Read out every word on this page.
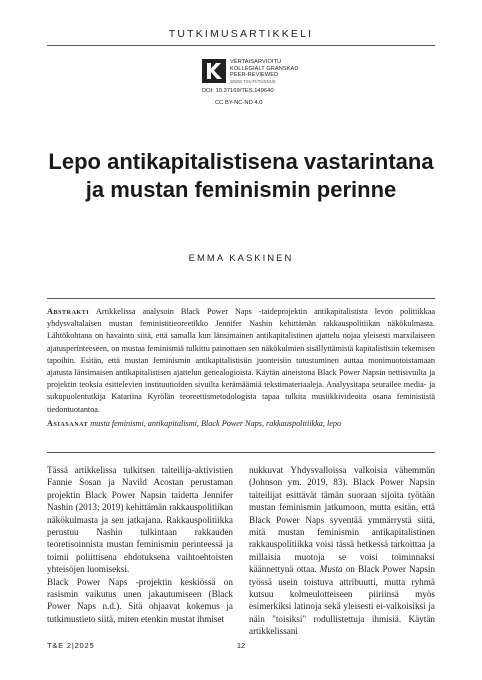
TUTKIMUSARTIKKELI
VERTAISARVIOITU
KOLLEGIALT GRANSKAD
PEER-REVIEWED
WWW.TSV.FI/TUNNUS
DOI: 10.37169/TES.149640
CC BY-NC-ND 4.0
Lepo antikapitalistisena vastarintana ja mustan feminismin perinne
EMMA KASKINEN
Abstrakti Artikkelissa analysoin Black Power Naps -taideprojektin antikapitalistista levon politiikkaa yhdysvaltalaisen mustan feministitieoreetikko Jennifer Nashin kehittämän rakkauspolitiikan näkökulmasta. Lähtökohtana on havainto siitä, että samalla kun länsimainen antikapitalistinen ajattelu nojaa yleisesti marxilaiseen ajatusperinteeseen, on mustaa feminismiä tulkittu painottaen sen näkökulmien sisällyttämistä kapitalistisiin tekemisen tapoihin. Esitän, että mustan feminismin antikapitalistisiin juonteisiin tutustuminen auttaa monimuotoistamaan ajatusta länsimaisen antikapitalistisen ajattelun genealogioista. Käytän aineistona Black Power Napsin nettisivuilta ja projektin teoksia esittelevien instituutioiden sivuilta kerämäämiä tekstimateriaaleja. Analyysitapa seurailee media- ja sukupuolentutkija Katariina Kyrölän teoreettismetodologista tapaa tulkita musiikkivideoita osana feminististä tiedontuotantoa.
Asiasanat musta feminismi, antikapitalismi, Black Power Naps, rakkauspolitiikka, lepo

Tässä artikkelissa tulkitsen taiteilija-aktivistien Fannie Sosan ja Navild Acostan perustaman projektin Black Power Napsin taidetta Jennifer Nashin (2013; 2019) kehittämän rakkauspolitiikan näkökulmasta ja sen jatkajana. Rakkauspolitiikka perustuu Nashin tulkintaan rakkauden teoretisoinnista mustan feminismin perinteessä ja toimii poliittisena ehdotuksena vaihtoehtoisten yhteisöjen luomiseksi.

Black Power Naps -projektin keskiössä on rasismin vaikutus unen jakautumiseen (Black Power Naps n.d.). Sitä ohjaavat kokemus ja tutkimustieto siitä, miten etenkin mustat ihmiset

nukkuvat Yhdysvalloissa valkoisia vähemmän (Johnson ym. 2019, 83). Black Power Napsin taiteilijat esittävät tämän suoraan sijoita työtään mustan feminismin jatkumoon, mutta esitän, että Black Power Naps syventää ymmärrystä siitä, mitä mustan feminismin antikapitalistinen rakkauspolitiikka voisi tässä hetkessä tarkoittaa ja millaisia muotoja se voisi toiminnaksi käännettynä ottaa. Musta on Black Power Napsin työssä usein toistuva attribuutti, mutta ryhmä kutsuu kolmeulotteiseen piiriinsä myös esimerkiksi latinoja sekä yleisesti ei-valkoisiksi ja näin "toisiksi" rodullistettuja ihmisiä. Käytän artikkelissani

T&E 2|2025	12
